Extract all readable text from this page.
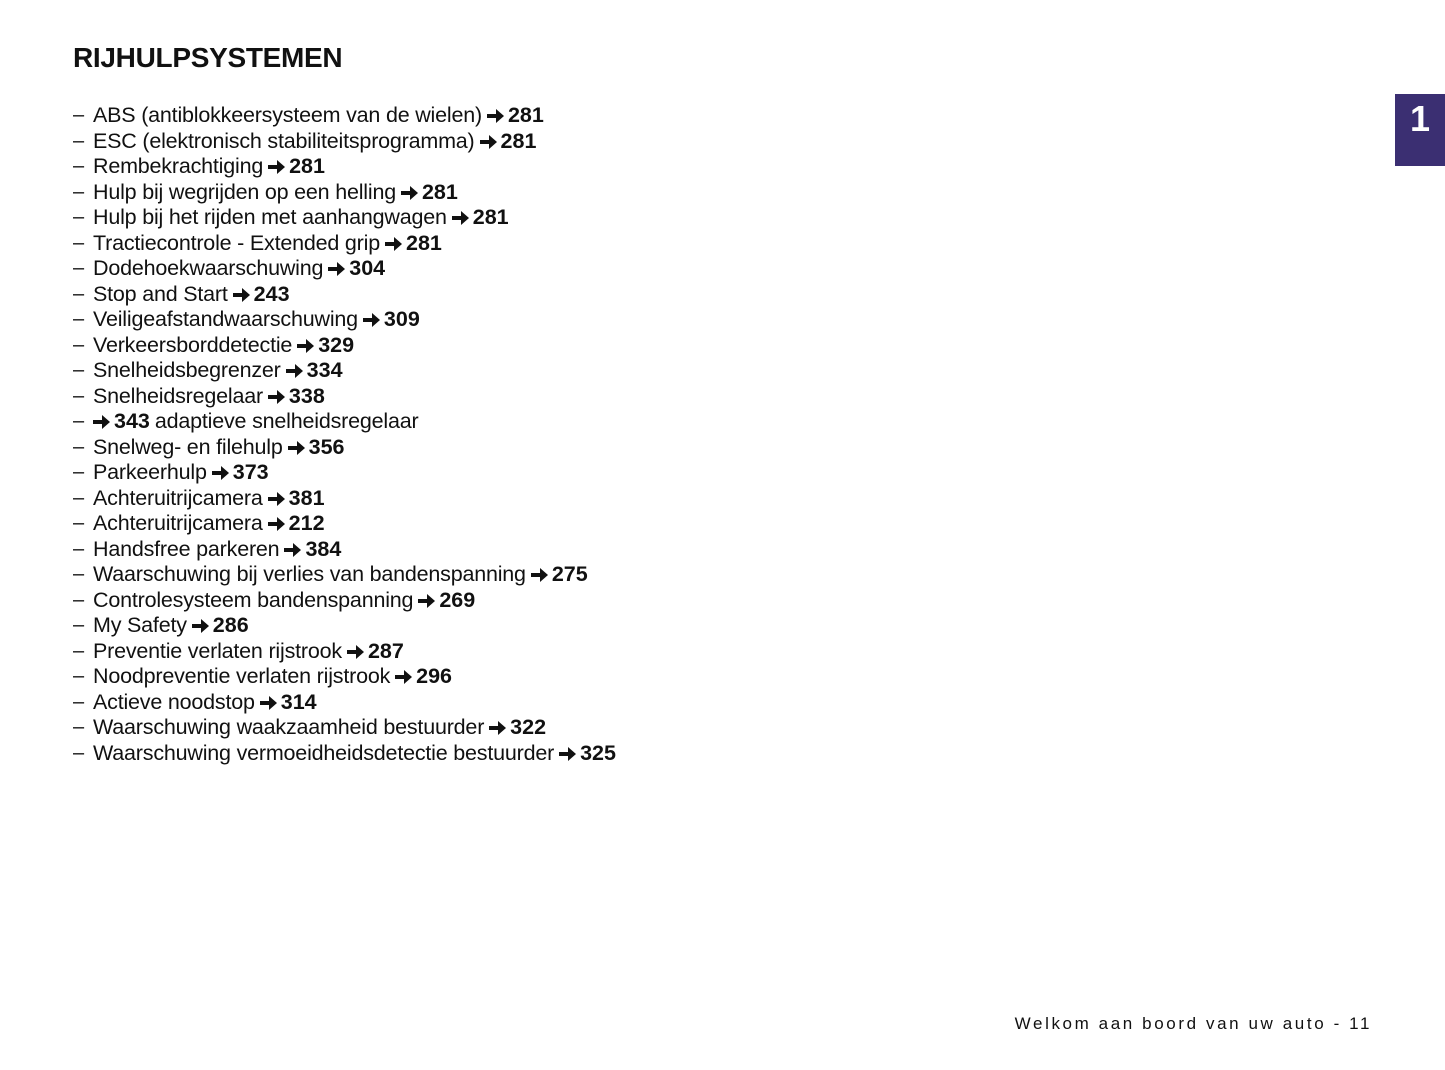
RIJHULPSYSTEMEN
– ABS (antiblokkeersysteem van de wielen)	281
– ESC (elektronisch stabiliteitsprogramma)	281
– Rembekrachtiging	281
– Hulp bij wegrijden op een helling	281
– Hulp bij het rijden met aanhangwagen	281
– Tractiecontrole - Extended grip	281
– Dodehoekwaarschuwing	304
– Stop and Start	243
– Veiligeafstandwaarschuwing	309
– Verkeersborddetectie	329
– Snelheidsbegrenzer	334
– Snelheidsregelaar	338
–	343 adaptieve snelheidsregelaar
– Snelweg- en filehulp	356
– Parkeerhulp	373
– Achteruitrijcamera	381
– Achteruitrijcamera	212
– Handsfree parkeren	384
– Waarschuwing bij verlies van bandenspanning	275
– Controlesysteem bandenspanning	269
– My Safety	286
– Preventie verlaten rijstrook	287
– Noodpreventie verlaten rijstrook	296
– Actieve noodstop	314
– Waarschuwing waakzaamheid bestuurder	322
– Waarschuwing vermoeidheidsdetectie bestuurder	325
1
Welkom aan boord van uw auto - 11
